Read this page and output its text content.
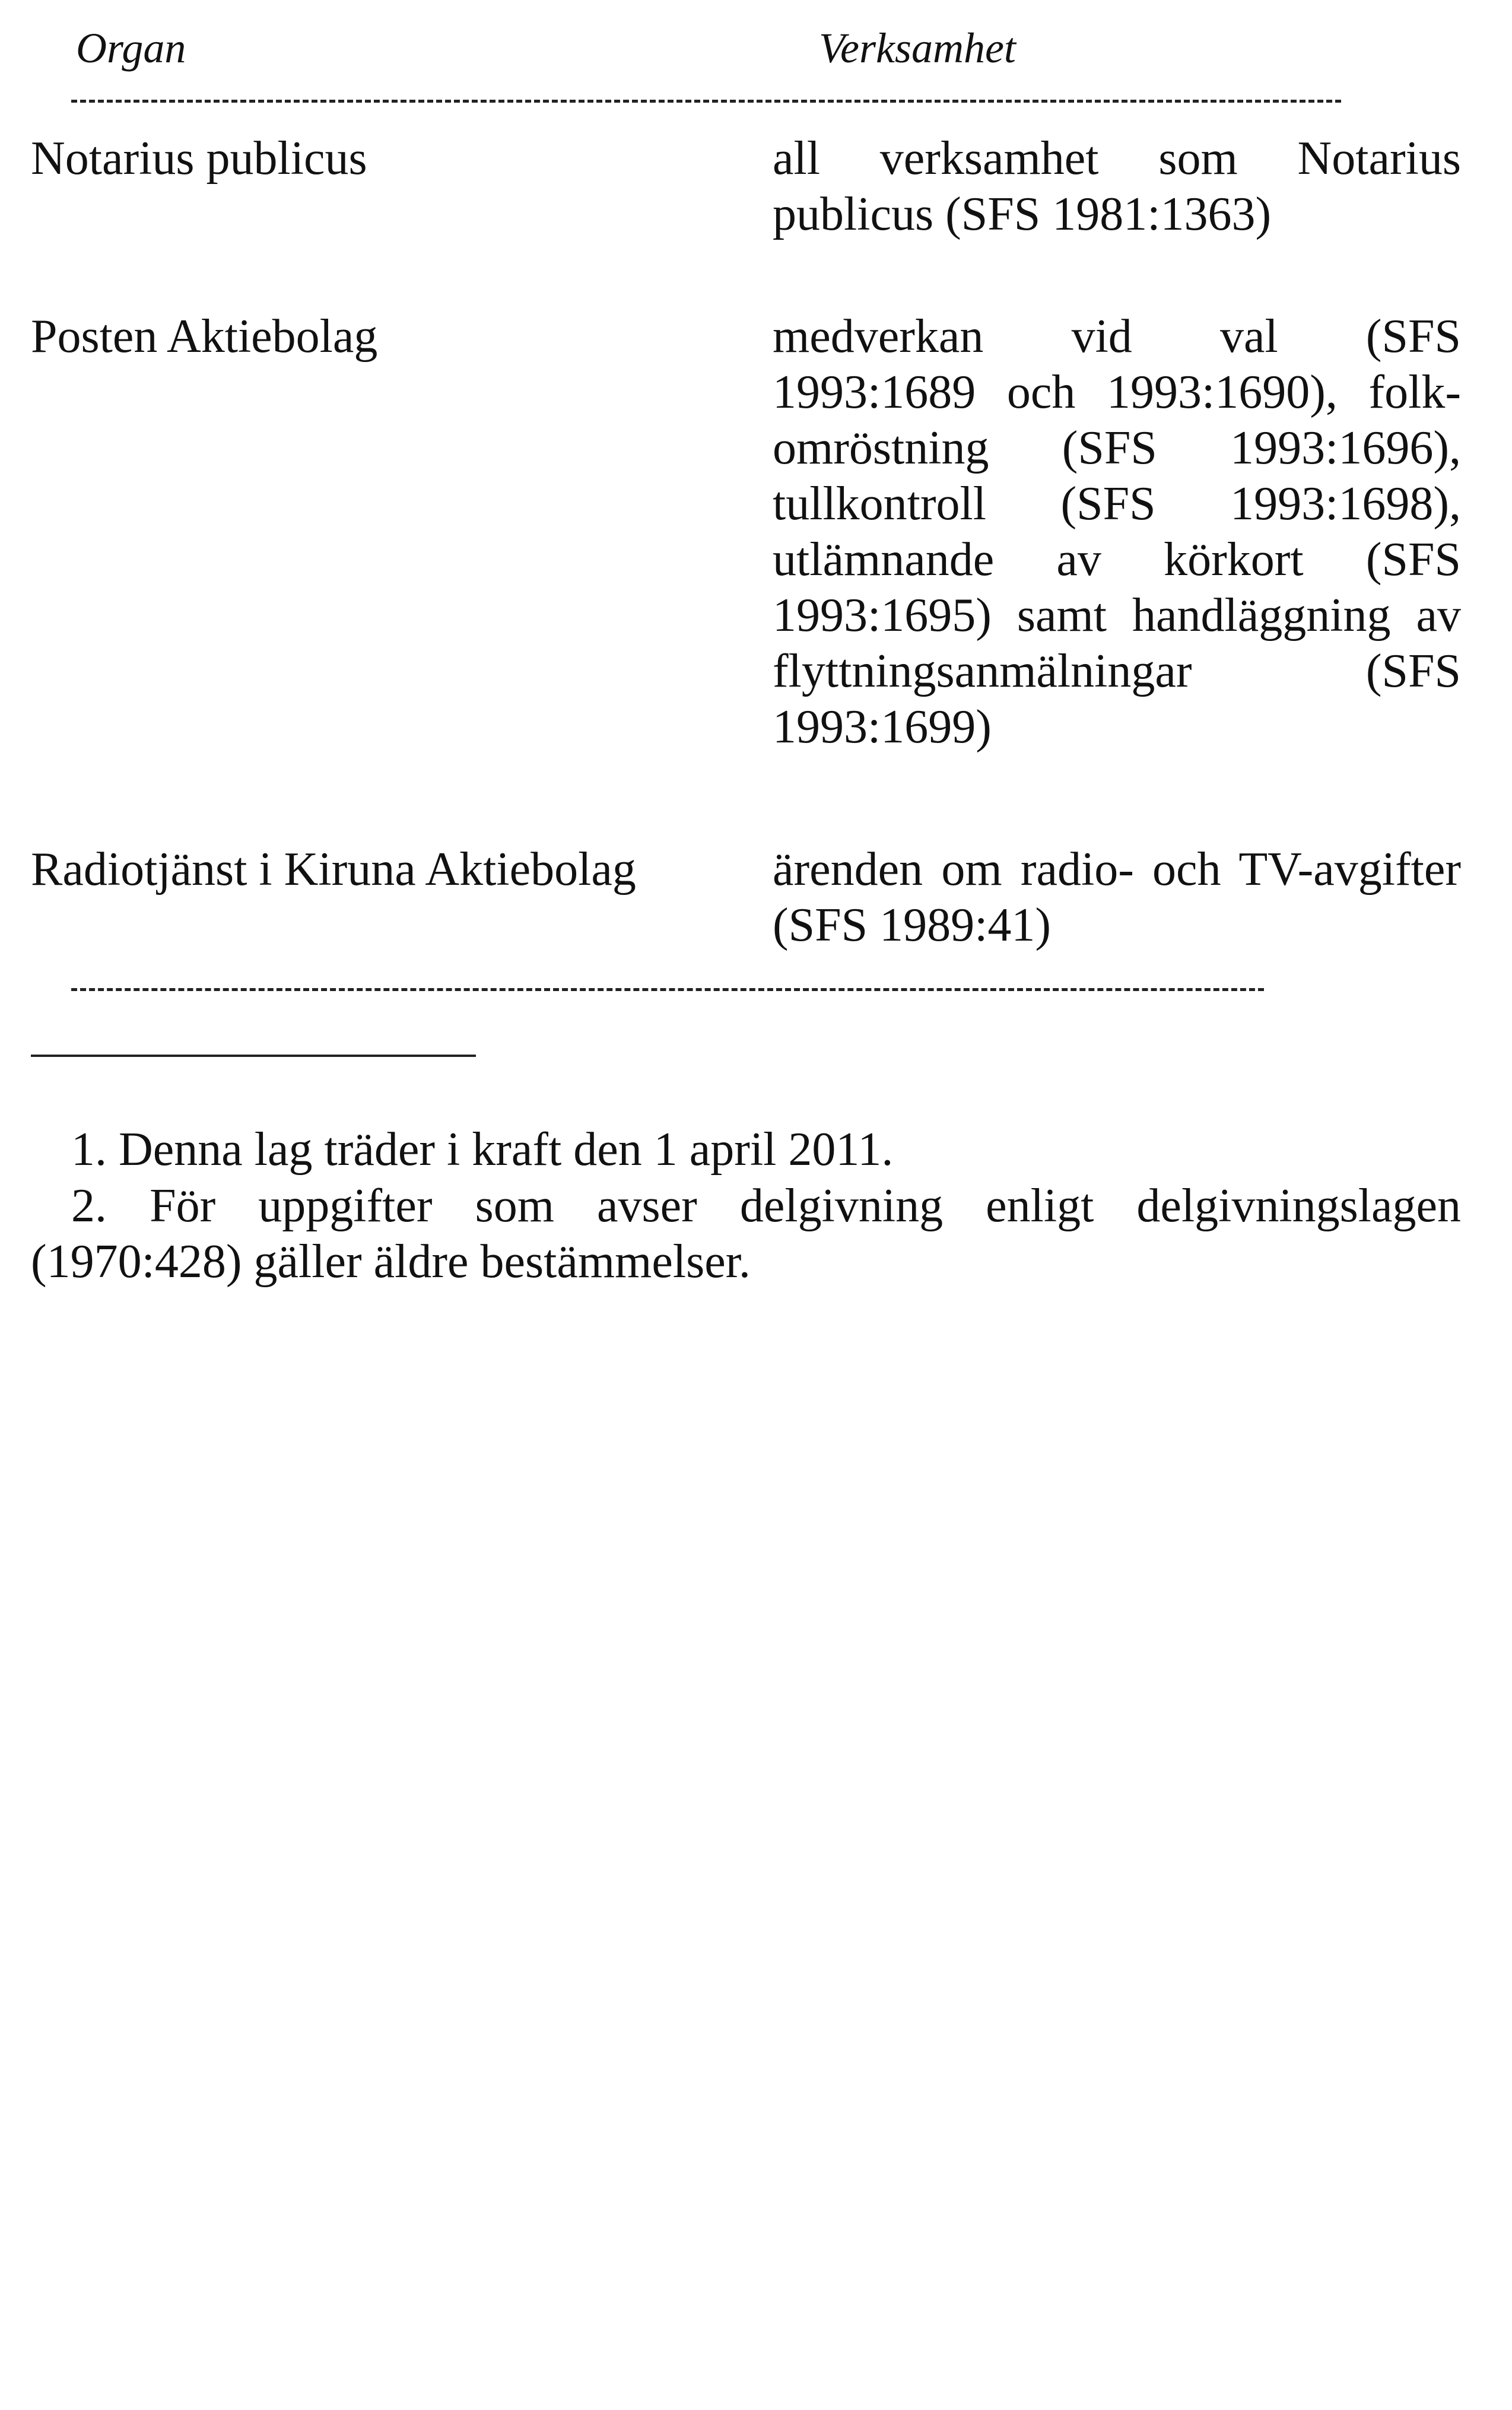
Organ	Verksamhet
Notarius publicus	all verksamhet som Notarius
publicus (SFS 1981:1363)
Posten Aktiebolag	medverkan vid val (SFS
1993:1689 och 1993:1690), folk-
omröstning (SFS 1993:1696),
tullkontroll (SFS 1993:1698),
utlämnande av körkort (SFS
1993:1695) samt handläggning av
flyttningsanmälningar (SFS
1993:1699)
Radiotjänst i Kiruna Aktiebolag	ärenden om radio- och TV-avgifter
(SFS 1989:41)
1. Denna lag träder i kraft den 1 april 2011.
2. För uppgifter som avser delgivning enligt delgivningslagen
(1970:428) gäller äldre bestämmelser.
